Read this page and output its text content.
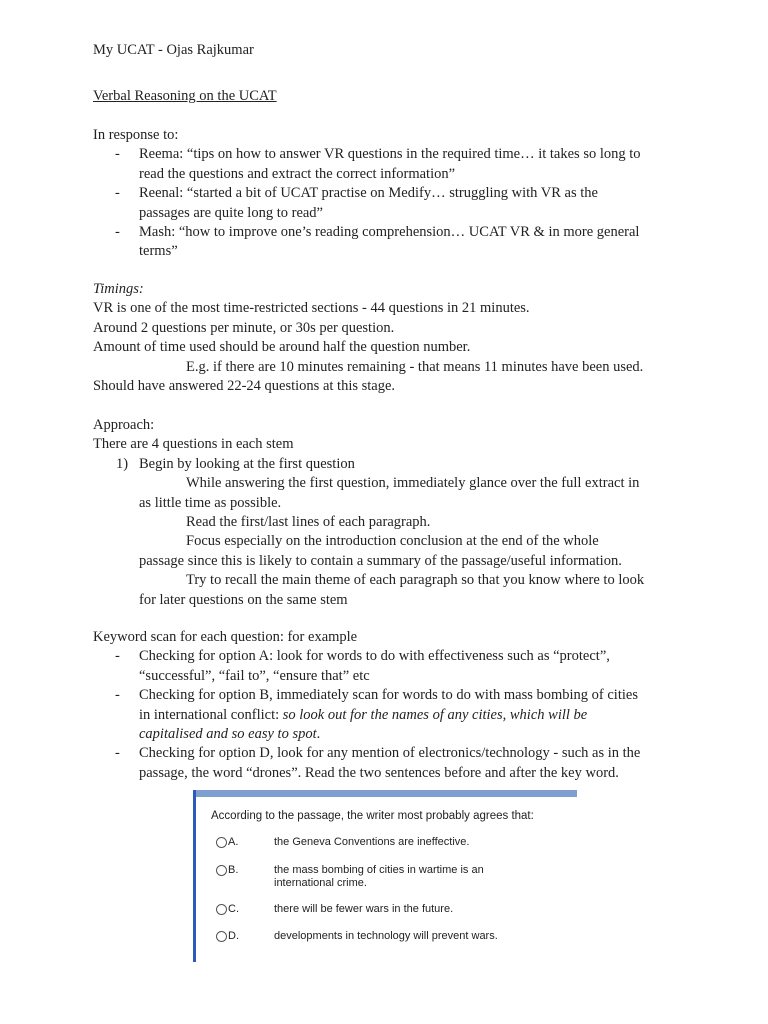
My UCAT - Ojas Rajkumar
Verbal Reasoning on the UCAT
In response to:
- Reema: “tips on how to answer VR questions in the required time… it takes so long to
read the questions and extract the correct information”
- Reenal: “started a bit of UCAT practise on Medify… struggling with VR as the
passages are quite long to read”
- Mash: “how to improve one’s reading comprehension… UCAT VR & in more general
terms”
Timings:
VR is one of the most time-restricted sections - 44 questions in 21 minutes.
Around 2 questions per minute, or 30s per question.
Amount of time used should be around half the question number.
E.g. if there are 10 minutes remaining - that means 11 minutes have been used.
Should have answered 22-24 questions at this stage.
Approach:
There are 4 questions in each stem
1) Begin by looking at the first question
While answering the first question, immediately glance over the full extract in
as little time as possible.
Read the first/last lines of each paragraph.
Focus especially on the introduction conclusion at the end of the whole
passage since this is likely to contain a summary of the passage/useful information.
Try to recall the main theme of each paragraph so that you know where to look
for later questions on the same stem
Keyword scan for each question: for example
- Checking for option A: look for words to do with effectiveness such as “protect”,
“successful”, “fail to”, “ensure that” etc
- Checking for option B, immediately scan for words to do with mass bombing of cities
in international conflict: so look out for the names of any cities, which will be
capitalised and so easy to spot.
- Checking for option D, look for any mention of electronics/technology - such as in the
passage, the word “drones”. Read the two sentences before and after the key word.
According to the passage, the writer most probably agrees that:
A.	the Geneva Conventions are ineffective.
B.	the mass bombing of cities in wartime is an international crime.
C.	there will be fewer wars in the future.
D.	developments in technology will prevent wars.
